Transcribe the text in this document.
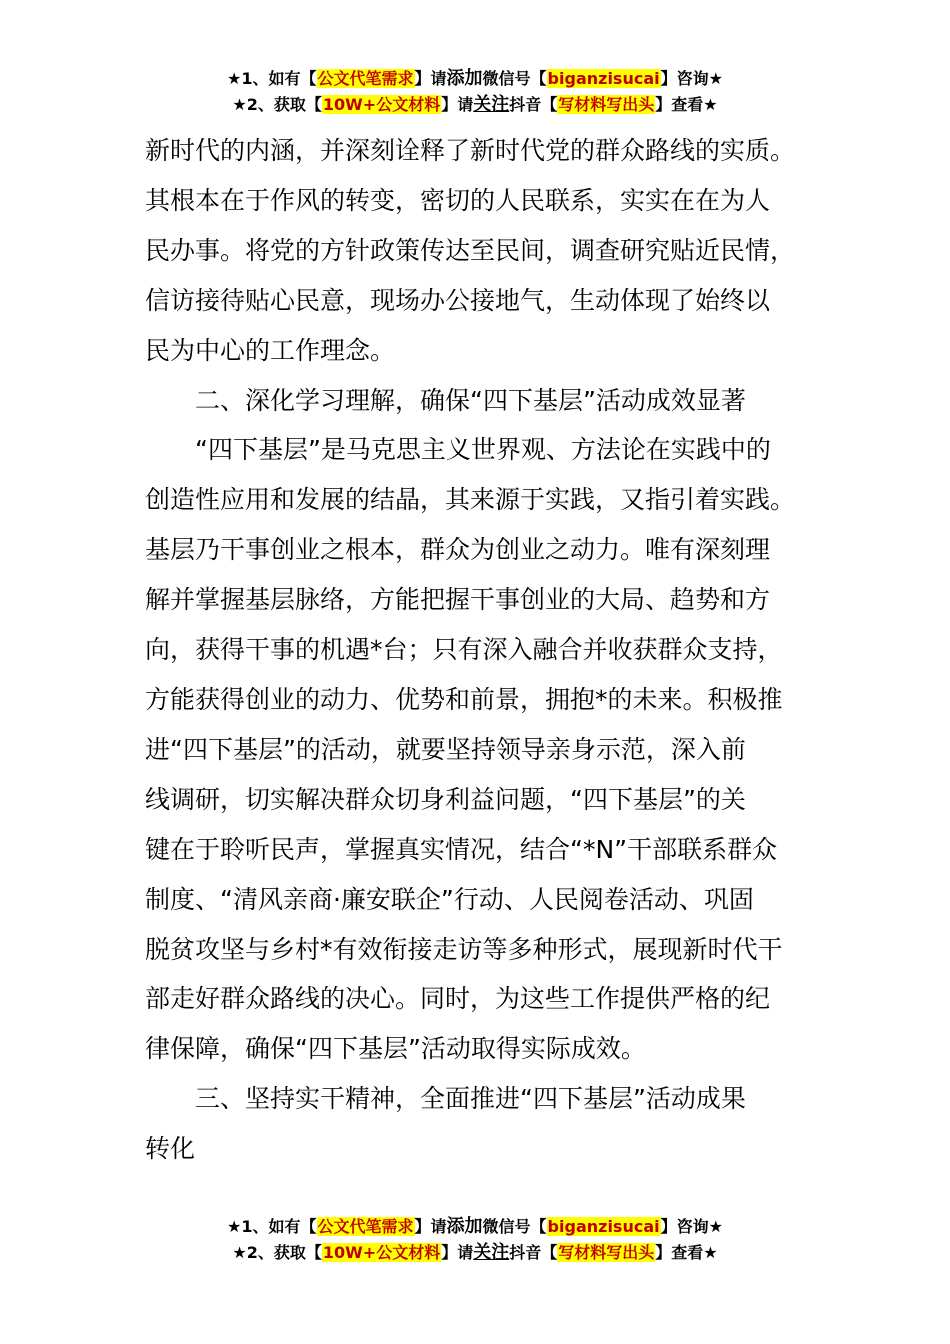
★1、如有【公文代笔需求】请添加微信号【biganzisucai】咨询★
★2、获取【10W+公文材料】请关注抖音【写材料写出头】查看★

新时代的内涵，并深刻诠释了新时代党的群众路线的实质。

其根本在于作风的转变，密切的人民联系，实实在在为人

民办事。将党的方针政策传达至民间，调查研究贴近民情，

信访接待贴心民意，现场办公接地气，生动体现了始终以

民为中心的工作理念。

二、深化学习理解，确保“四下基层”活动成效显著

“四下基层”是马克思主义世界观、方法论在实践中的

创造性应用和发展的结晶，其来源于实践，又指引着实践。

基层乃干事创业之根本，群众为创业之动力。唯有深刻理

解并掌握基层脉络，方能把握干事创业的大局、趋势和方

向，获得干事的机遇*台；只有深入融合并收获群众支持，

方能获得创业的动力、优势和前景，拥抱*的未来。积极推

进“四下基层”的活动，就要坚持领导亲身示范，深入前

线调研，切实解决群众切身利益问题，“四下基层”的关

键在于聆听民声，掌握真实情况，结合“*N”干部联系群众

制度、“清风亲商·廉安联企”行动、人民阅卷活动、巩固

脱贫攻坚与乡村*有效衔接走访等多种形式，展现新时代干

部走好群众路线的决心。同时，为这些工作提供严格的纪

律保障，确保“四下基层”活动取得实际成效。

三、坚持实干精神，全面推进“四下基层”活动成果

转化

★1、如有【公文代笔需求】请添加微信号【biganzisucai】咨询★
★2、获取【10W+公文材料】请关注抖音【写材料写出头】查看★
